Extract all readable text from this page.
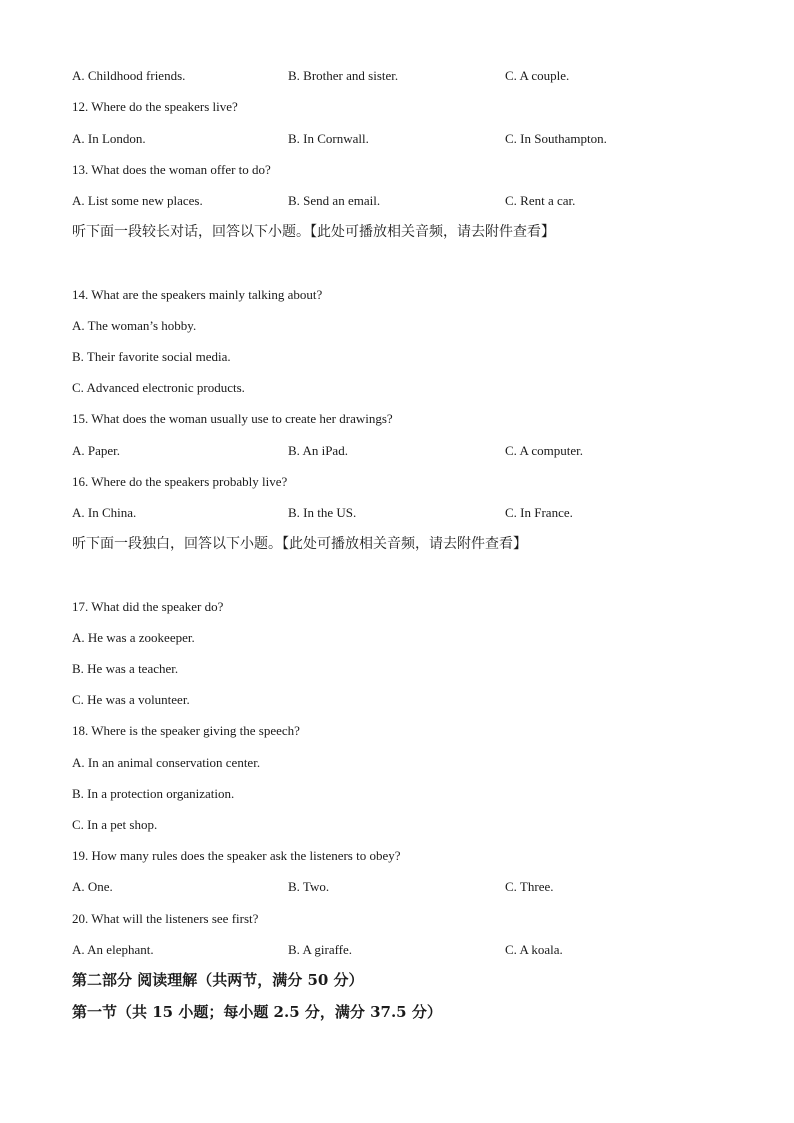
A. Childhood friends.	B. Brother and sister.	C. A couple.
12. Where do the speakers live?
A. In London.	B. In Cornwall.	C. In Southampton.
13. What does the woman offer to do?
A. List some new places.	B. Send an email.	C. Rent a car.
听下面一段较长对话，回答以下小题。【此处可播放相关音频，请去附件查看】
14. What are the speakers mainly talking about?
A. The woman’s hobby.
B. Their favorite social media.
C. Advanced electronic products.
15. What does the woman usually use to create her drawings?
A. Paper.	B. An iPad.	C. A computer.
16. Where do the speakers probably live?
A. In China.	B. In the US.	C. In France.
听下面一段独白，回答以下小题。【此处可播放相关音频，请去附件查看】
17. What did the speaker do?
A. He was a zookeeper.
B. He was a teacher.
C. He was a volunteer.
18. Where is the speaker giving the speech?
A. In an animal conservation center.
B. In a protection organization.
C. In a pet shop.
19. How many rules does the speaker ask the listeners to obey?
A. One.	B. Two.	C. Three.
20. What will the listeners see first?
A. An elephant.	B. A giraffe.	C. A koala.
第二部分 阅读理解（共两节，满分 50 分）
第一节（共 15 小题；每小题 2.5 分，满分 37.5 分）
